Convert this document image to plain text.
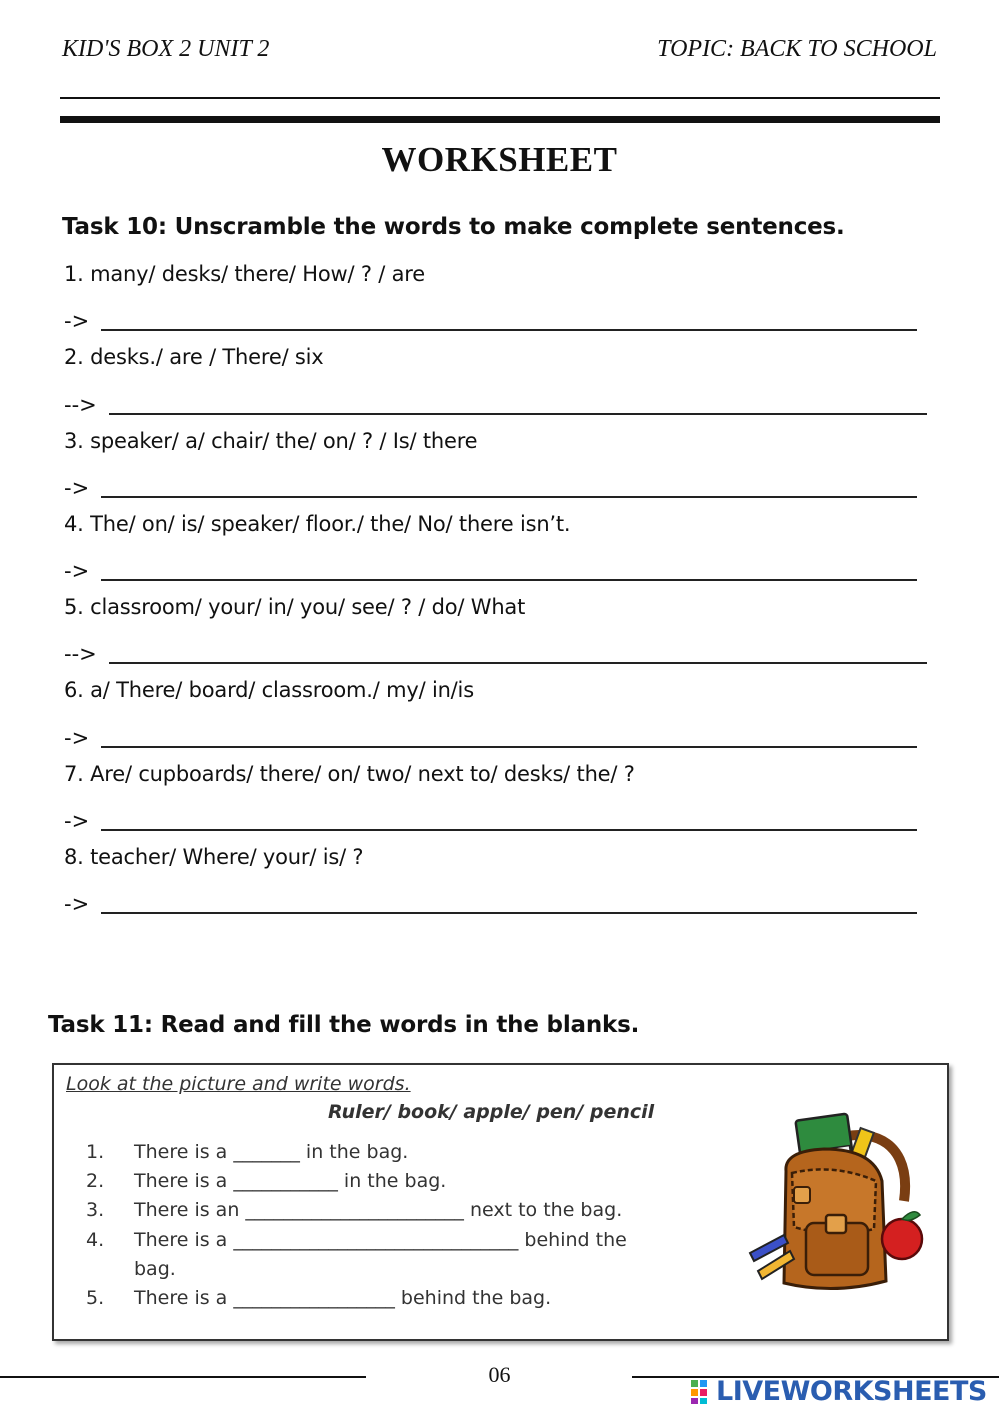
KID'S BOX 2 UNIT 2	TOPIC: BACK TO SCHOOL
WORKSHEET
Task 10: Unscramble the words to make complete sentences.
1. many/ desks/ there/ How/ ? / are
->
2. desks./ are / There/ six
-->
3. speaker/ a/ chair/ the/ on/ ? / Is/ there
->
4. The/ on/ is/ speaker/ floor./ the/ No/ there isn’t.
->
5. classroom/ your/ in/ you/ see/ ? / do/ What
-->
6. a/ There/ board/ classroom./ my/ in/is
->
7. Are/ cupboards/ there/ on/ two/ next to/ desks/ the/ ?
->
8. teacher/ Where/ your/ is/ ?
->
Task 11: Read and fill the words in the blanks.
Look at the picture and write words.
Ruler/ book/ apple/ pen/ pencil
1. There is a _______ in the bag.
2. There is a ___________ in the bag.
3. There is an _______________________ next to the bag.
4. There is a ______________________________ behind the
bag.
5. There is a _________________ behind the bag.
06
LIVEWORKSHEETS
